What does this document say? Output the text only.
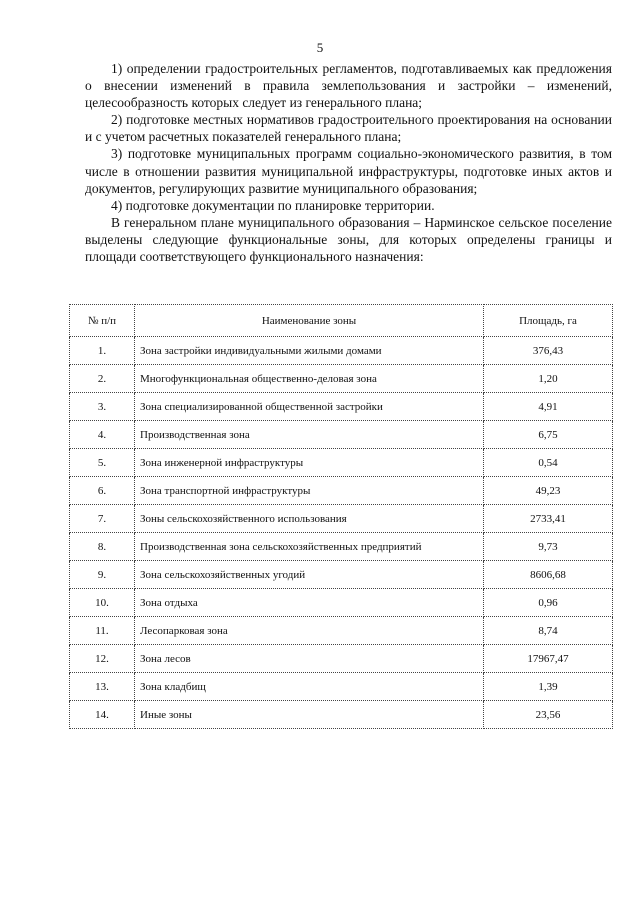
5

1) определении градостроительных регламентов, подготавливаемых как предложения о внесении изменений в правила землепользования и застройки – изменений, целесообразность которых следует из генерального плана;

2) подготовке местных нормативов градостроительного проектирования на основании и с учетом расчетных показателей генерального плана;

3) подготовке муниципальных программ социально-экономического развития, в том числе в отношении развития муниципальной инфраструктуры, подготовке иных актов и документов, регулирующих развитие муниципального образования;

4) подготовке документации по планировке территории.

В генеральном плане муниципального образования – Нарминское сельское поселение выделены следующие функциональные зоны, для которых определены границы и площади соответствующего функционального назначения:

№ п/п	Наименование зоны	Площадь, га
1.	Зона застройки индивидуальными жилыми домами	376,43
2.	Многофункциональная общественно-деловая зона	1,20
3.	Зона специализированной общественной застройки	4,91
4.	Производственная зона	6,75
5.	Зона инженерной инфраструктуры	0,54
6.	Зона транспортной инфраструктуры	49,23
7.	Зоны сельскохозяйственного использования	2733,41
8.	Производственная зона сельскохозяйственных предприятий	9,73
9.	Зона сельскохозяйственных угодий	8606,68
10.	Зона отдыха	0,96
11.	Лесопарковая зона	8,74
12.	Зона лесов	17967,47
13.	Зона кладбищ	1,39
14.	Иные зоны	23,56
